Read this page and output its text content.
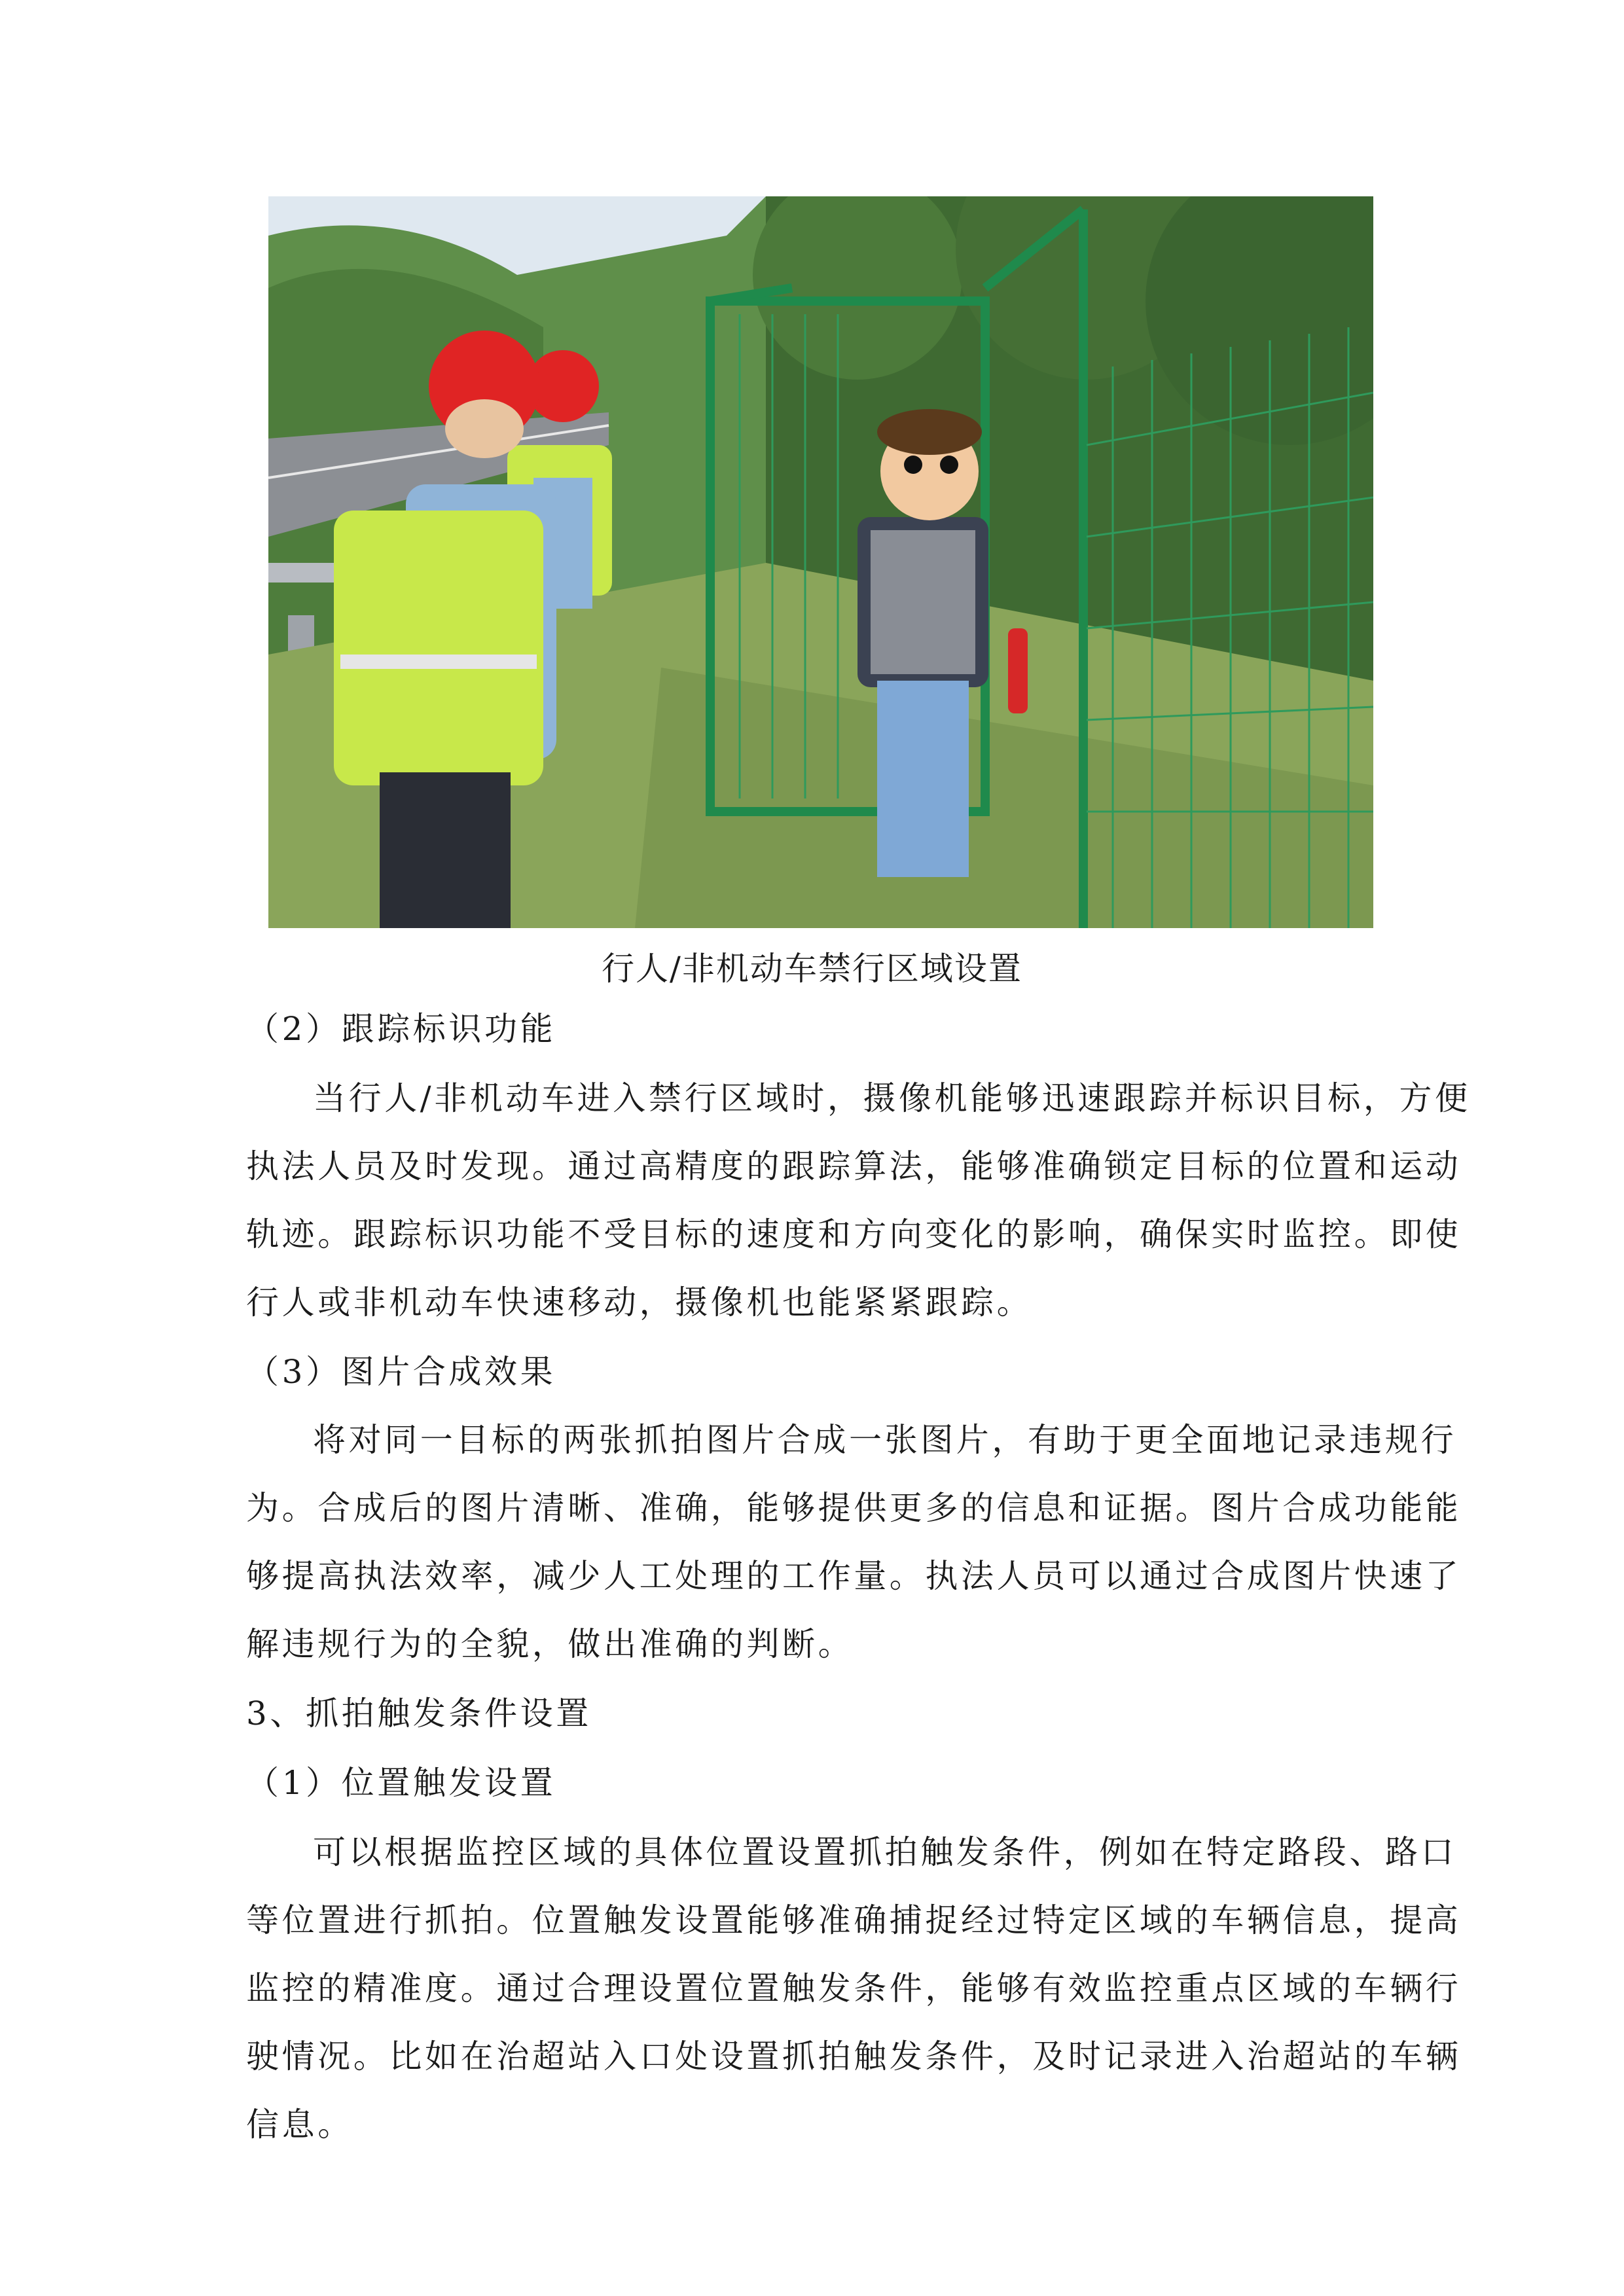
行人/非机动车禁行区域设置
（2）跟踪标识功能
当行人/非机动车进入禁行区域时，摄像机能够迅速跟踪并标识目标，方便
执法人员及时发现。通过高精度的跟踪算法，能够准确锁定目标的位置和运动
轨迹。跟踪标识功能不受目标的速度和方向变化的影响，确保实时监控。即使
行人或非机动车快速移动，摄像机也能紧紧跟踪。
（3）图片合成效果
将对同一目标的两张抓拍图片合成一张图片，有助于更全面地记录违规行
为。合成后的图片清晰、准确，能够提供更多的信息和证据。图片合成功能能
够提高执法效率，减少人工处理的工作量。执法人员可以通过合成图片快速了
解违规行为的全貌，做出准确的判断。
3、抓拍触发条件设置
（1）位置触发设置
可以根据监控区域的具体位置设置抓拍触发条件，例如在特定路段、路口
等位置进行抓拍。位置触发设置能够准确捕捉经过特定区域的车辆信息，提高
监控的精准度。通过合理设置位置触发条件，能够有效监控重点区域的车辆行
驶情况。比如在治超站入口处设置抓拍触发条件，及时记录进入治超站的车辆
信息。
